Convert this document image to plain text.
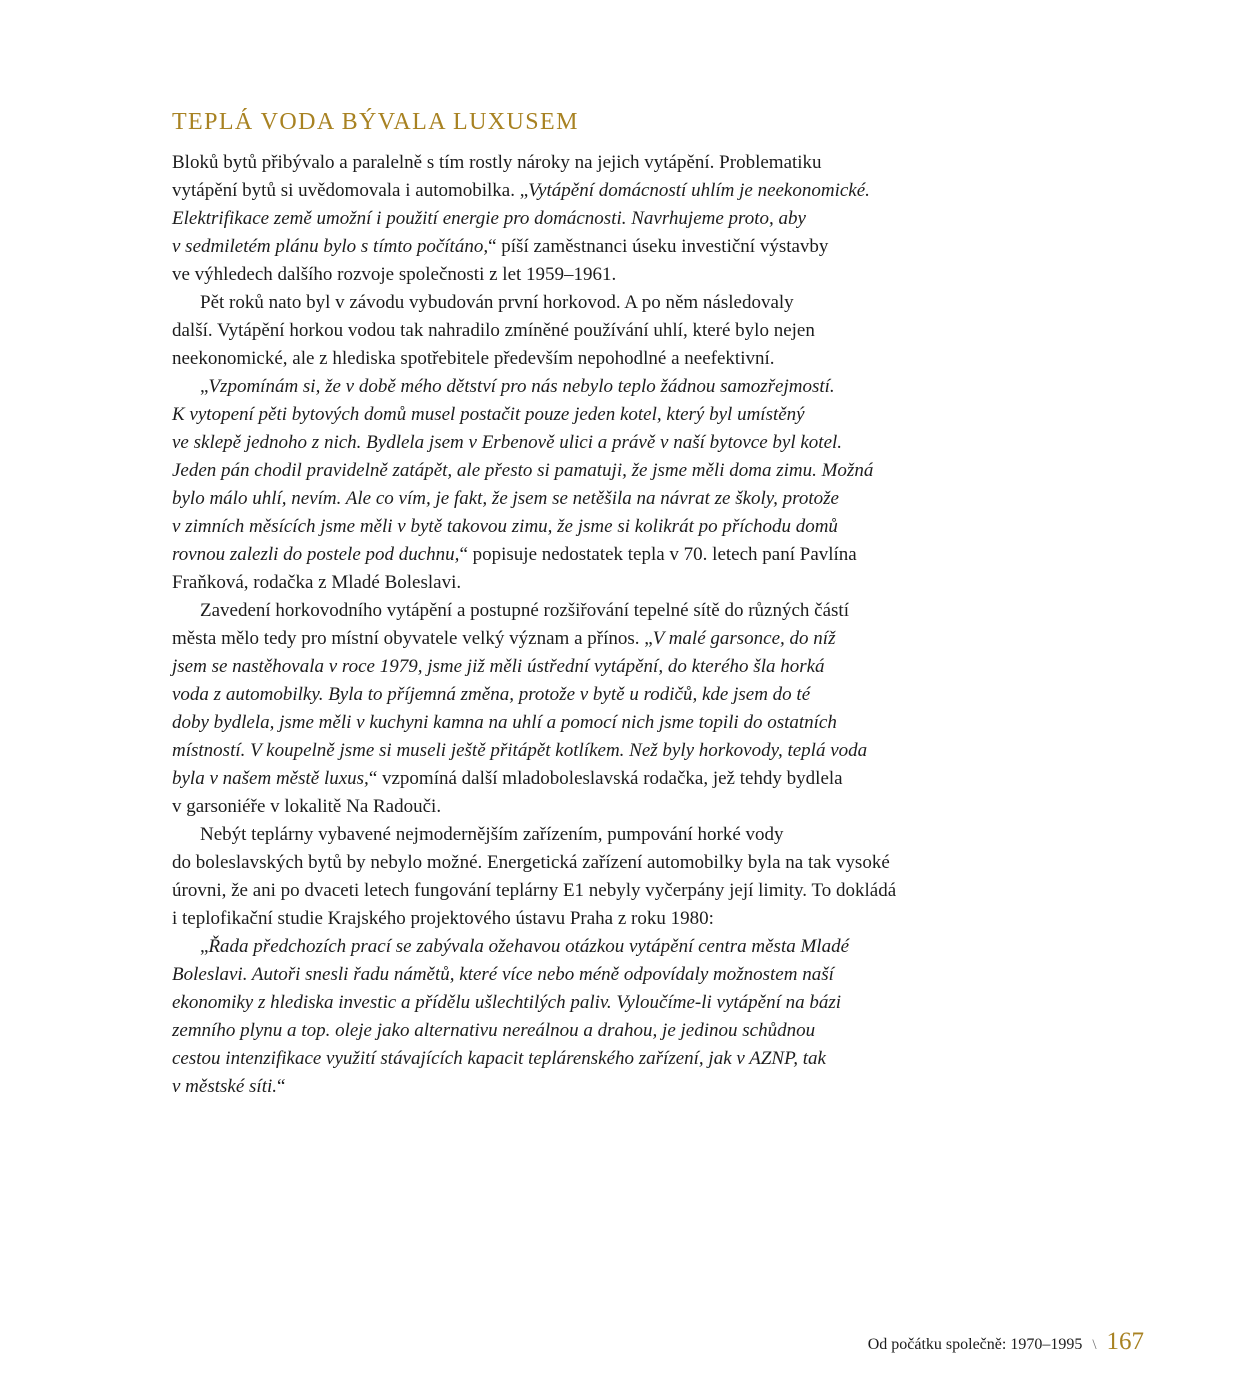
TEPLÁ VODA BÝVALA LUXUSEM
Bloků bytů přibývalo a paralelně s tím rostly nároky na jejich vytápění. Problematiku
vytápění bytů si uvědomovala i automobilka. „Vytápění domácností uhlím je neekonomické.
Elektrifikace země umožní i použití energie pro domácnosti. Navrhujeme proto, aby
v sedmiletém plánu bylo s tímto počítáno,“ píší zaměstnanci úseku investiční výstavby
ve výhledech dalšího rozvoje společnosti z let 1959–1961.
Pět roků nato byl v závodu vybudován první horkovod. A po něm následovaly
další. Vytápění horkou vodou tak nahradilo zmíněné používání uhlí, které bylo nejen
neekonomické, ale z hlediska spotřebitele především nepohodlné a neefektivní.
„Vzpomínám si, že v době mého dětství pro nás nebylo teplo žádnou samozřejmostí.
K vytopení pěti bytových domů musel postačit pouze jeden kotel, který byl umístěný
ve sklepě jednoho z nich. Bydlela jsem v Erbenově ulici a právě v naší bytovce byl kotel.
Jeden pán chodil pravidelně zatápět, ale přesto si pamatuji, že jsme měli doma zimu. Možná
bylo málo uhlí, nevím. Ale co vím, je fakt, že jsem se netěšila na návrat ze školy, protože
v zimních měsících jsme měli v bytě takovou zimu, že jsme si kolikrát po příchodu domů
rovnou zalezli do postele pod duchnu,“ popisuje nedostatek tepla v 70. letech paní Pavlína
Fraňková, rodačka z Mladé Boleslavi.
Zavedení horkovodního vytápění a postupné rozšiřování tepelné sítě do různých částí
města mělo tedy pro místní obyvatele velký význam a přínos. „V malé garsonce, do níž
jsem se nastěhovala v roce 1979, jsme již měli ústřední vytápění, do kterého šla horká
voda z automobilky. Byla to příjemná změna, protože v bytě u rodičů, kde jsem do té
doby bydlela, jsme měli v kuchyni kamna na uhlí a pomocí nich jsme topili do ostatních
místností. V koupelně jsme si museli ještě přitápět kotlíkem. Než byly horkovody, teplá voda
byla v našem městě luxus,“ vzpomíná další mladoboleslavská rodačka, jež tehdy bydlela
v garsoniéře v lokalitě Na Radouči.
Nebýt teplárny vybavené nejmodernějším zařízením, pumpování horké vody
do boleslavských bytů by nebylo možné. Energetická zařízení automobilky byla na tak vysoké
úrovni, že ani po dvaceti letech fungování teplárny E1 nebyly vyčerpány její limity. To dokládá
i teplofikační studie Krajského projektového ústavu Praha z roku 1980:
„Řada předchozích prací se zabývala ožehavou otázkou vytápění centra města Mladé
Boleslavi. Autoři snesli řadu námětů, které více nebo méně odpovídaly možnostem naší
ekonomiky z hlediska investic a přídělu ušlechtilých paliv. Vyloučíme-li vytápění na bázi
zemního plynu a top. oleje jako alternativu nereálnou a drahou, je jedinou schůdnou
cestou intenzifikace využití stávajících kapacit teplárenského zařízení, jak v AZNP, tak
v městské síti.“
Od počátku společně: 1970–1995 \ 167
